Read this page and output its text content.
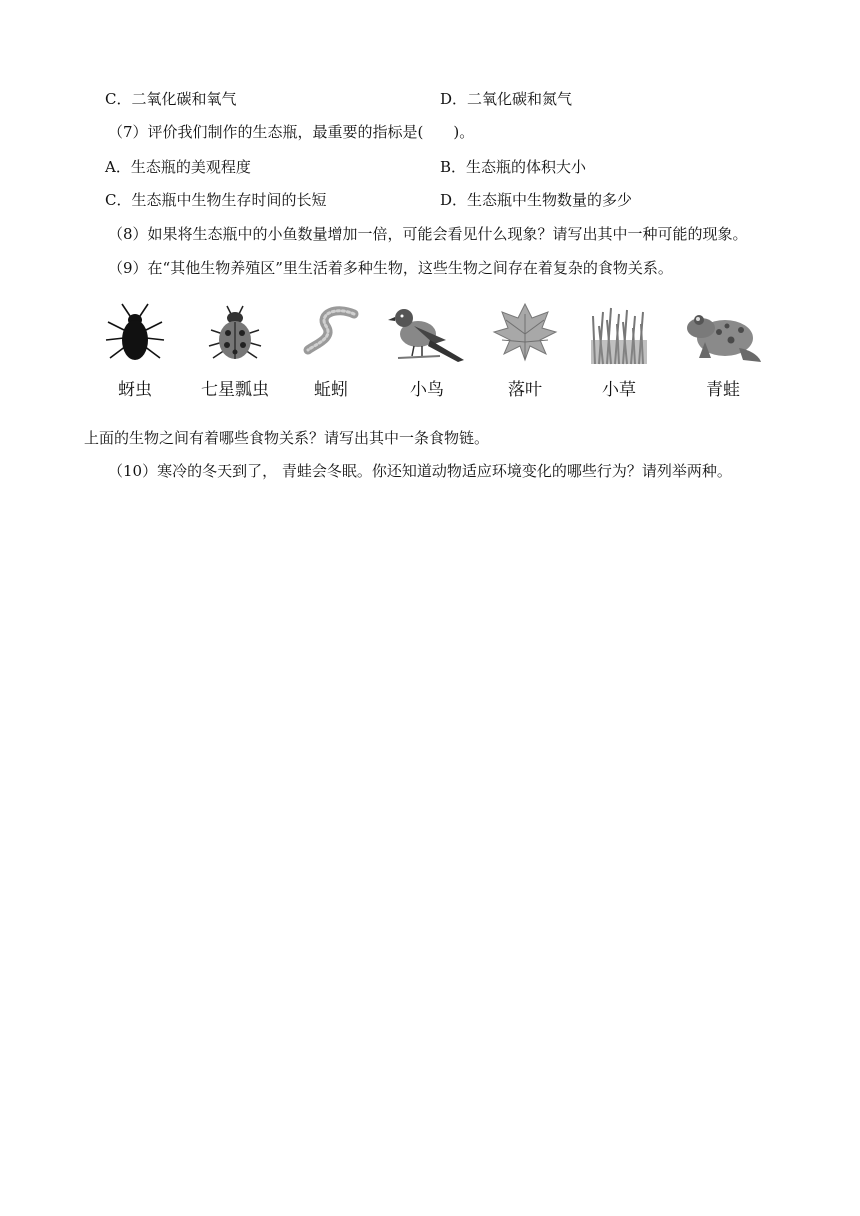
C．二氧化碳和氧气	D．二氧化碳和氮气
（7）评价我们制作的生态瓶，最重要的指标是(　　)。
A．生态瓶的美观程度	B．生态瓶的体积大小
C．生态瓶中生物生存时间的长短	D．生态瓶中生物数量的多少
（8）如果将生态瓶中的小鱼数量增加一倍，可能会看见什么现象？请写出其中一种可能的现象。
（9）在“其他生物养殖区”里生活着多种生物，这些生物之间存在着复杂的食物关系。
蚜虫	七星瓢虫	蚯蚓	小鸟	落叶	小草	青蛙
上面的生物之间有着哪些食物关系？请写出其中一条食物链。
（10）寒冷的冬天到了， 青蛙会冬眠。你还知道动物适应环境变化的哪些行为？请列举两种。
